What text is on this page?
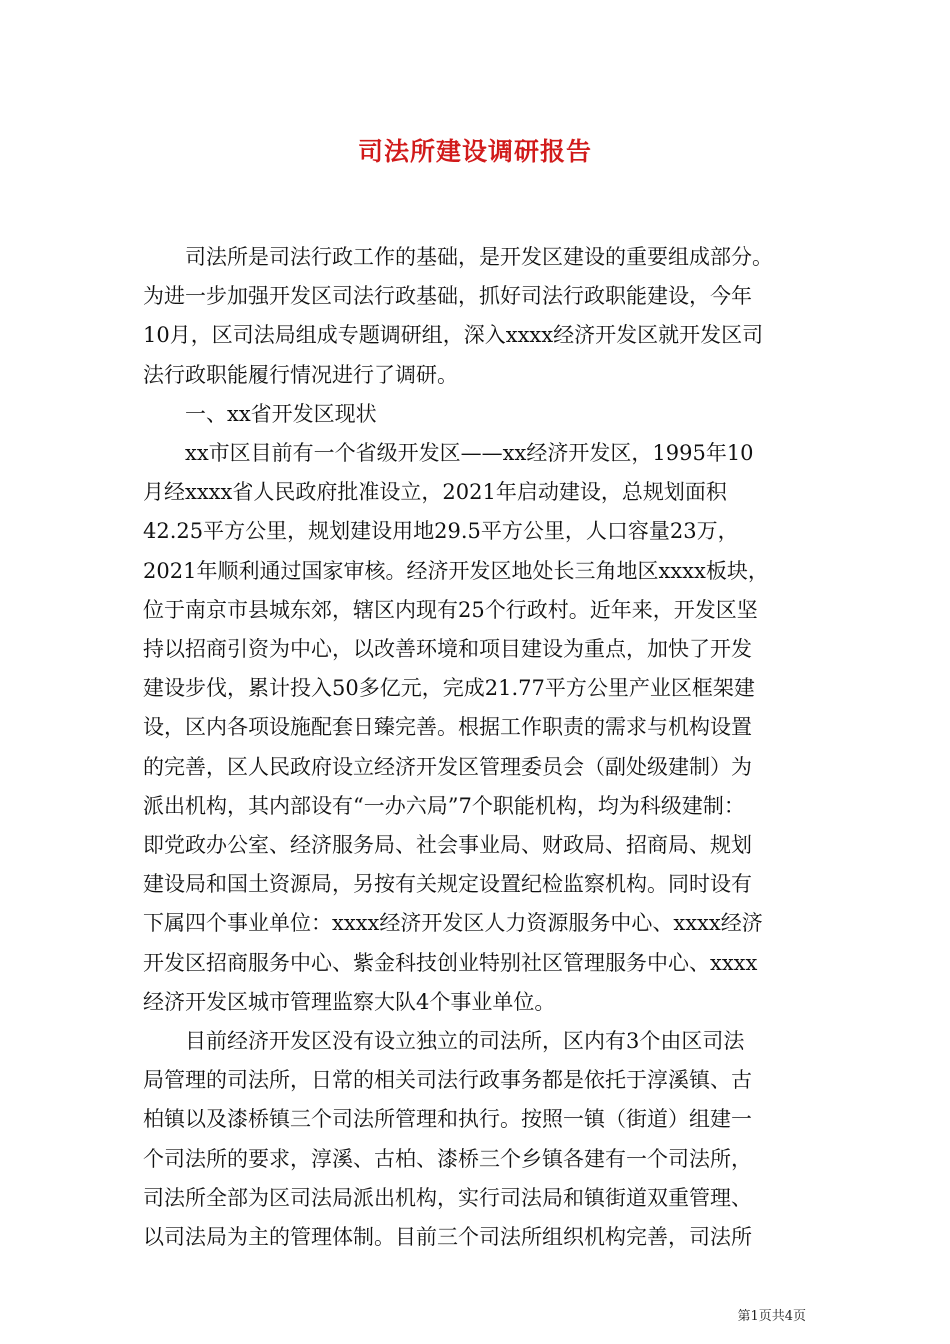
司法所建设调研报告
　　司法所是司法行政工作的基础，是开发区建设的重要组成部分。
为进一步加强开发区司法行政基础，抓好司法行政职能建设，今年
10月，区司法局组成专题调研组，深入xxxx经济开发区就开发区司
法行政职能履行情况进行了调研。
　　一、xx省开发区现状
　　xx市区目前有一个省级开发区——xx经济开发区，1995年10
月经xxxx省人民政府批准设立，2021年启动建设，总规划面积
42.25平方公里，规划建设用地29.5平方公里，人口容量23万，
2021年顺利通过国家审核。经济开发区地处长三角地区xxxx板块，
位于南京市县城东郊，辖区内现有25个行政村。近年来，开发区坚
持以招商引资为中心，以改善环境和项目建设为重点，加快了开发
建设步伐，累计投入50多亿元，完成21.77平方公里产业区框架建
设，区内各项设施配套日臻完善。根据工作职责的需求与机构设置
的完善，区人民政府设立经济开发区管理委员会（副处级建制）为
派出机构，其内部设有“一办六局”7个职能机构，均为科级建制：
即党政办公室、经济服务局、社会事业局、财政局、招商局、规划
建设局和国土资源局，另按有关规定设置纪检监察机构。同时设有
下属四个事业单位：xxxx经济开发区人力资源服务中心、xxxx经济
开发区招商服务中心、紫金科技创业特别社区管理服务中心、xxxx
经济开发区城市管理监察大队4个事业单位。
　　目前经济开发区没有设立独立的司法所，区内有3个由区司法
局管理的司法所，日常的相关司法行政事务都是依托于淳溪镇、古
柏镇以及漆桥镇三个司法所管理和执行。按照一镇（街道）组建一
个司法所的要求，淳溪、古柏、漆桥三个乡镇各建有一个司法所，
司法所全部为区司法局派出机构，实行司法局和镇街道双重管理、
以司法局为主的管理体制。目前三个司法所组织机构完善，司法所
第1页共4页
